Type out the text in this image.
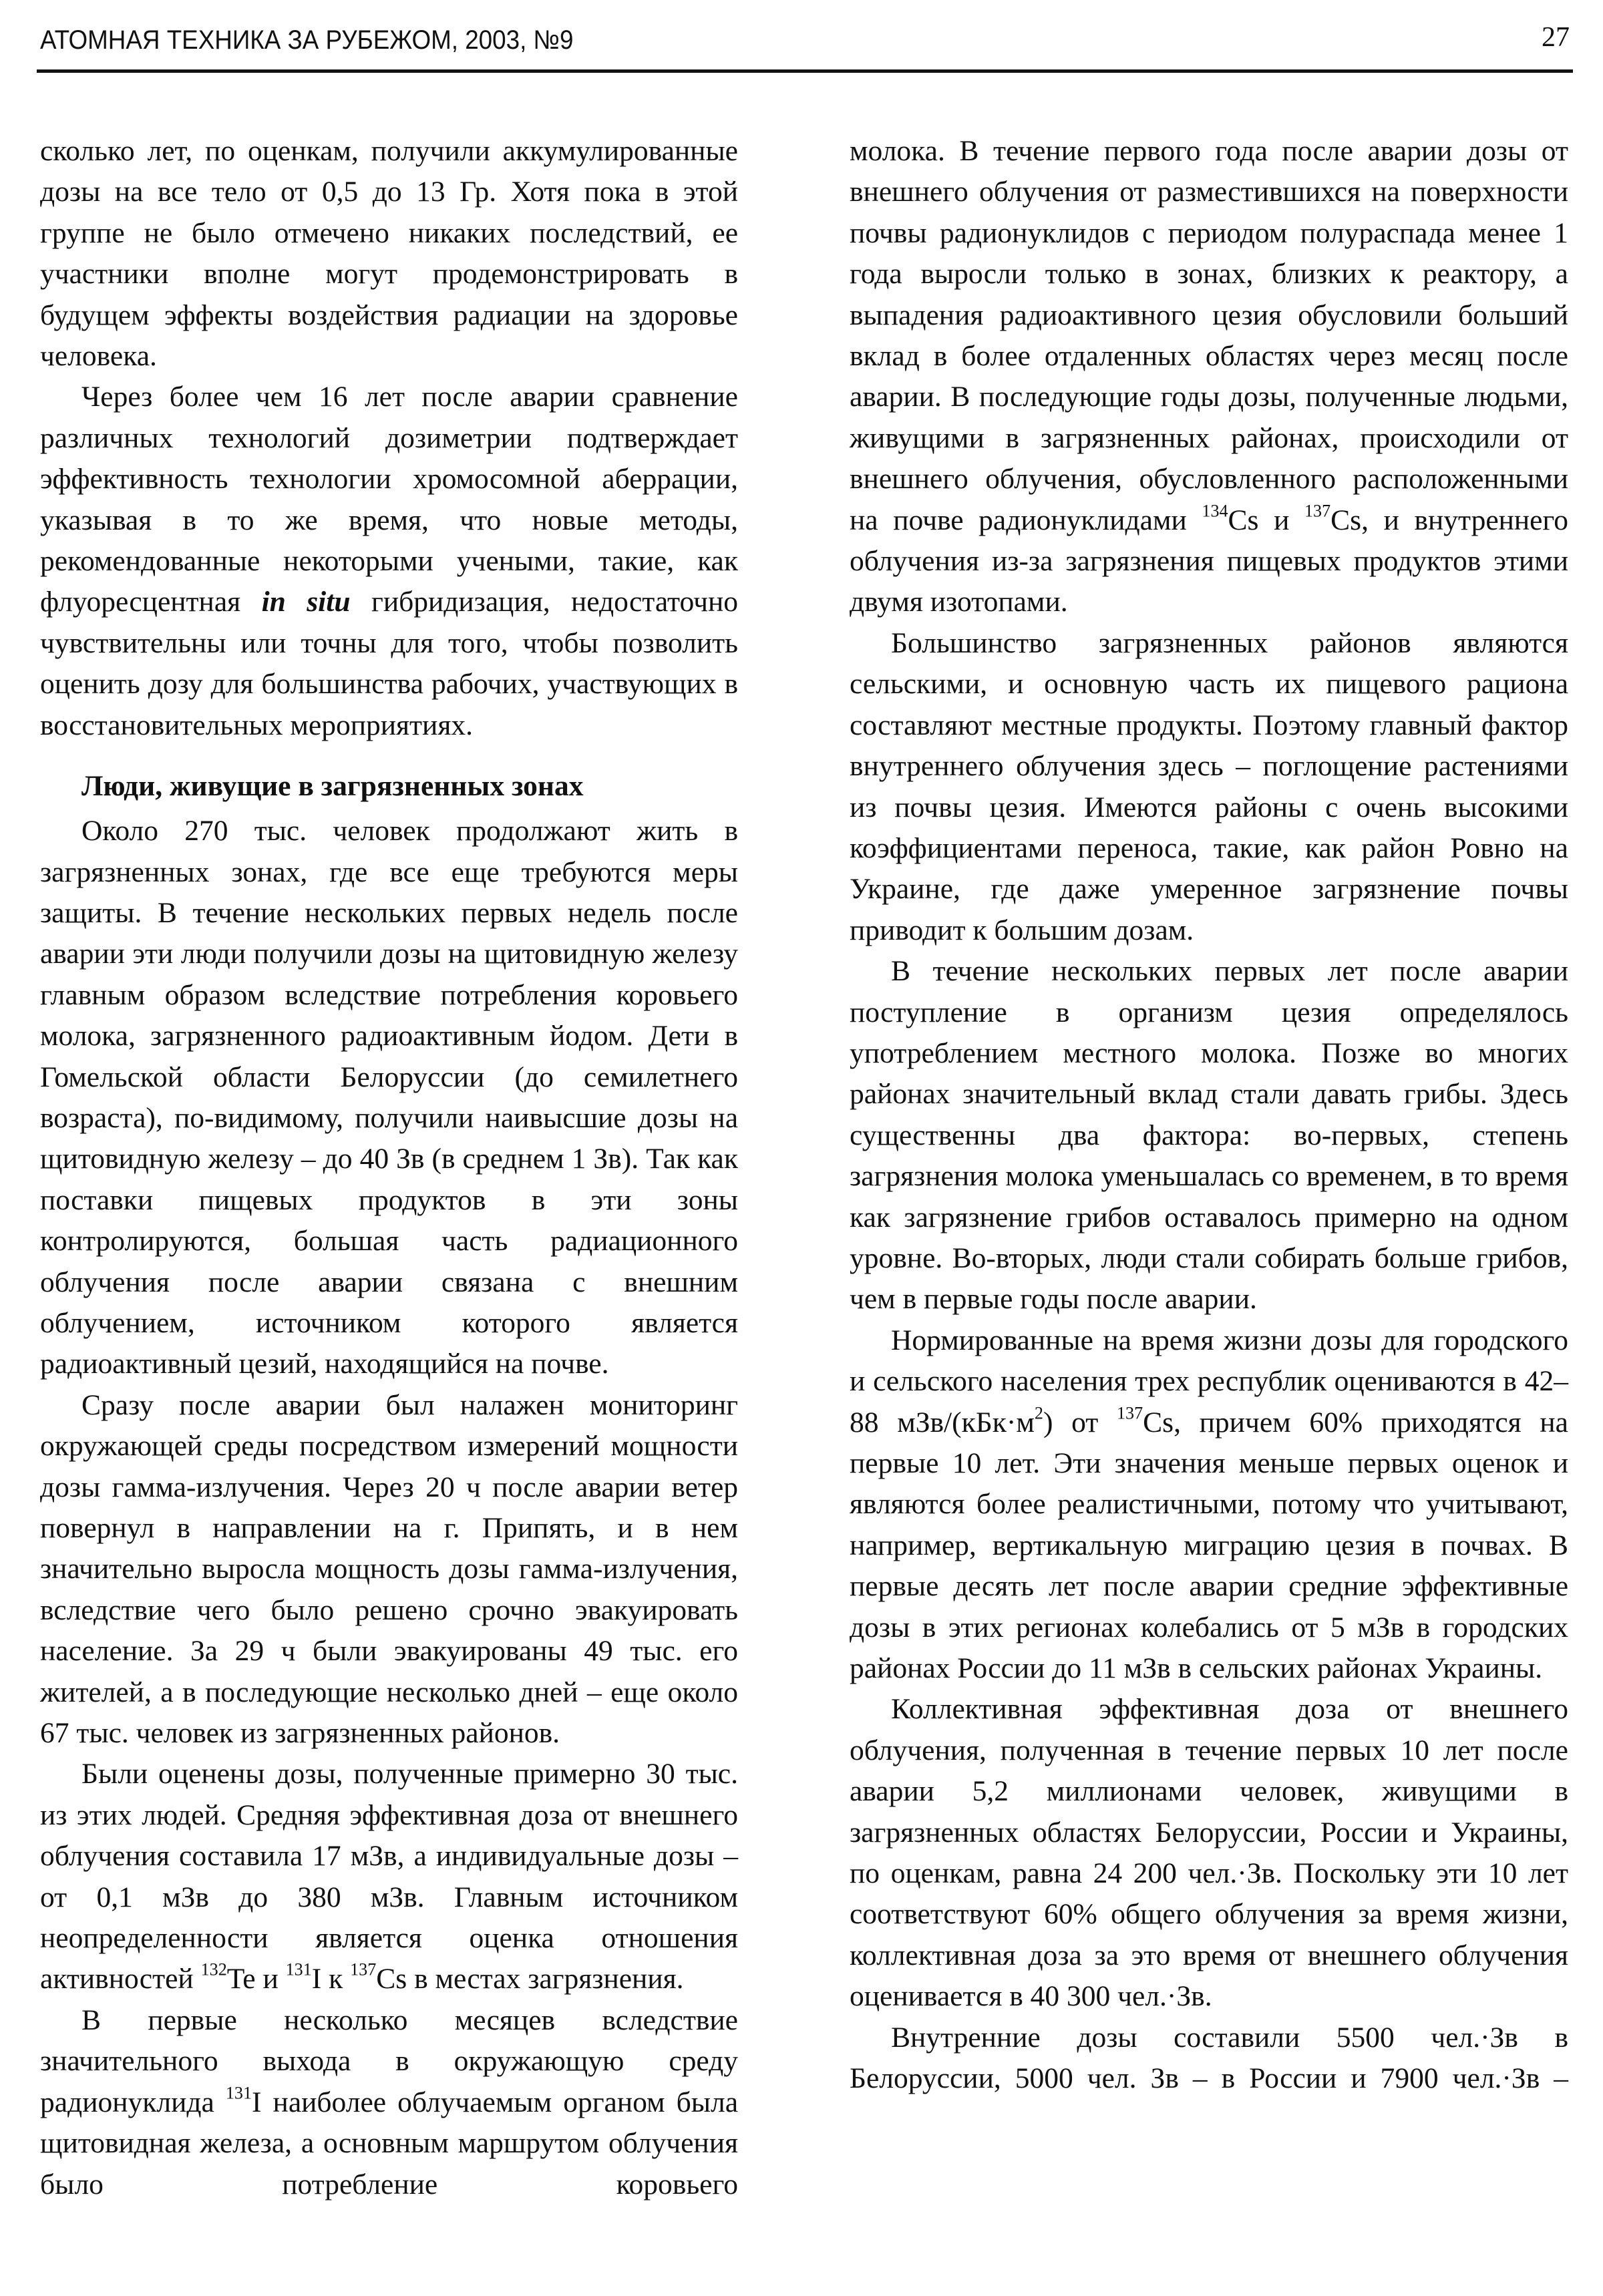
АТОМНАЯ ТЕХНИКА ЗА РУБЕЖОМ, 2003, №9	27

сколько лет, по оценкам, получили аккумулированные дозы на все тело от 0,5 до 13 Гр. Хотя пока в этой группе не было отмечено никаких последствий, ее участники вполне могут продемонстрировать в будущем эффекты воздействия радиации на здоровье человека.

Через более чем 16 лет после аварии сравнение различных технологий дозиметрии подтверждает эффективность технологии хромосомной аберрации, указывая в то же время, что новые методы, рекомендованные некоторыми учеными, такие, как флуоресцентная in situ гибридизация, недостаточно чувствительны или точны для того, чтобы позволить оценить дозу для большинства рабочих, участвующих в восстановительных мероприятиях.

Люди, живущие в загрязненных зонах

Около 270 тыс. человек продолжают жить в загрязненных зонах, где все еще требуются меры защиты. В течение нескольких первых недель после аварии эти люди получили дозы на щитовидную железу главным образом вследствие потребления коровьего молока, загрязненного радиоактивным йодом. Дети в Гомельской области Белоруссии (до семилетнего возраста), по-видимому, получили наивысшие дозы на щитовидную железу – до 40 Зв (в среднем 1 Зв). Так как поставки пищевых продуктов в эти зоны контролируются, большая часть радиационного облучения после аварии связана с внешним облучением, источником которого является радиоактивный цезий, находящийся на почве.

Сразу после аварии был налажен мониторинг окружающей среды посредством измерений мощности дозы гамма-излучения. Через 20 ч после аварии ветер повернул в направлении на г. Припять, и в нем значительно выросла мощность дозы гамма-излучения, вследствие чего было решено срочно эвакуировать население. За 29 ч были эвакуированы 49 тыс. его жителей, а в последующие несколько дней – еще около 67 тыс. человек из загрязненных районов.

Были оценены дозы, полученные примерно 30 тыс. из этих людей. Средняя эффективная доза от внешнего облучения составила 17 мЗв, а индивидуальные дозы – от 0,1 мЗв до 380 мЗв. Главным источником неопределенности является оценка отношения активностей $^{132}$Te и $^{131}$I к $^{137}$Cs в местах загрязнения.

В первые несколько месяцев вследствие значительного выхода в окружающую среду радионуклида $^{131}$I наиболее облучаемым органом была щитовидная железа, а основным маршрутом облучения было потребление коровьего

молока. В течение первого года после аварии дозы от внешнего облучения от разместившихся на поверхности почвы радионуклидов с периодом полураспада менее 1 года выросли только в зонах, близких к реактору, а выпадения радиоактивного цезия обусловили больший вклад в более отдаленных областях через месяц после аварии. В последующие годы дозы, полученные людьми, живущими в загрязненных районах, происходили от внешнего облучения, обусловленного расположенными на почве радионуклидами $^{134}$Cs и $^{137}$Cs, и внутреннего облучения из-за загрязнения пищевых продуктов этими двумя изотопами.

Большинство загрязненных районов являются сельскими, и основную часть их пищевого рациона составляют местные продукты. Поэтому главный фактор внутреннего облучения здесь – поглощение растениями из почвы цезия. Имеются районы с очень высокими коэффициентами переноса, такие, как район Ровно на Украине, где даже умеренное загрязнение почвы приводит к большим дозам.

В течение нескольких первых лет после аварии поступление в организм цезия определялось употреблением местного молока. Позже во многих районах значительный вклад стали давать грибы. Здесь существенны два фактора: во-первых, степень загрязнения молока уменьшалась со временем, в то время как загрязнение грибов оставалось примерно на одном уровне. Во-вторых, люди стали собирать больше грибов, чем в первые годы после аварии.

Нормированные на время жизни дозы для городского и сельского населения трех республик оцениваются в 42–88 мЗв/$(кБк\cdot м^2)$ от $^{137}$Cs, причем 60% приходятся на первые 10 лет. Эти значения меньше первых оценок и являются более реалистичными, потому что учитывают, например, вертикальную миграцию цезия в почвах. В первые десять лет после аварии средние эффективные дозы в этих регионах колебались от 5 мЗв в городских районах России до 11 мЗв в сельских районах Украины.

Коллективная эффективная доза от внешнего облучения, полученная в течение первых 10 лет после аварии 5,2 миллионами человек, живущими в загрязненных областях Белоруссии, России и Украины, по оценкам, равна 24 200 чел.·Зв. Поскольку эти 10 лет соответствуют 60% общего облучения за время жизни, коллективная доза за это время от внешнего облучения оценивается в 40 300 чел.·Зв.

Внутренние дозы составили 5500 чел.·Зв в Белоруссии, 5000 чел. Зв – в России и 7900 чел.·Зв –
